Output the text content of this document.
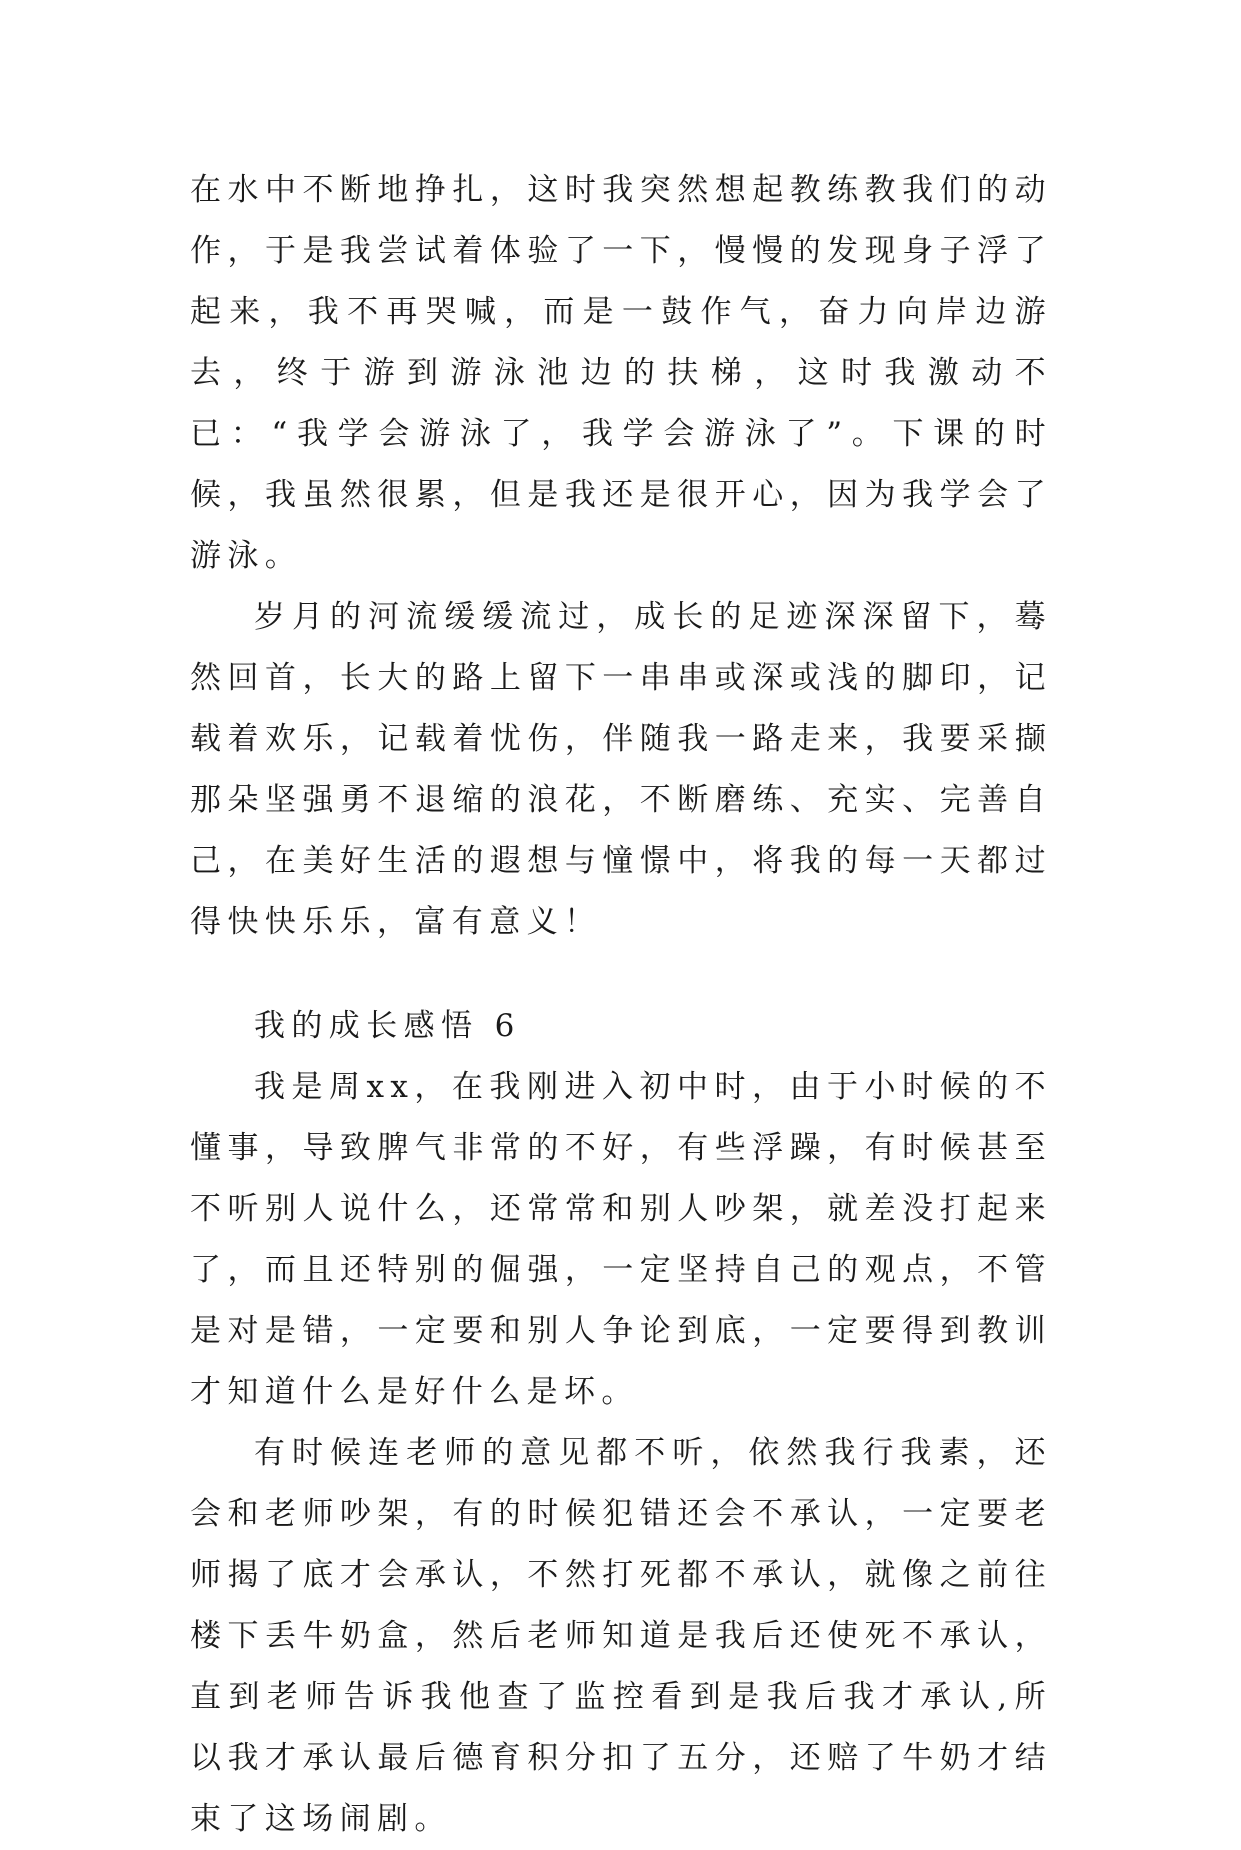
在水中不断地挣扎，这时我突然想起教练教我们的动作，于是我尝试着体验了一下，慢慢的发现身子浮了起来，我不再哭喊，而是一鼓作气，奋力向岸边游去，终于游到游泳池边的扶梯，这时我激动不已：“我学会游泳了，我学会游泳了”。下课的时候，我虽然很累，但是我还是很开心，因为我学会了游泳。

岁月的河流缓缓流过，成长的足迹深深留下，蓦然回首，长大的路上留下一串串或深或浅的脚印，记载着欢乐，记载着忧伤，伴随我一路走来，我要采撷那朵坚强勇不退缩的浪花，不断磨练、充实、完善自己，在美好生活的遐想与憧憬中，将我的每一天都过得快快乐乐，富有意义！

我的成长感悟 6

我是周xx，在我刚进入初中时，由于小时候的不懂事，导致脾气非常的不好，有些浮躁，有时候甚至不听别人说什么，还常常和别人吵架，就差没打起来了，而且还特别的倔强，一定坚持自己的观点，不管是对是错，一定要和别人争论到底，一定要得到教训才知道什么是好什么是坏。

有时候连老师的意见都不听，依然我行我素，还会和老师吵架，有的时候犯错还会不承认，一定要老师揭了底才会承认，不然打死都不承认，就像之前往楼下丢牛奶盒，然后老师知道是我后还使死不承认，直到老师告诉我他查了监控看到是我后我才承认,所以我才承认最后德育积分扣了五分，还赔了牛奶才结束了这场闹剧。
